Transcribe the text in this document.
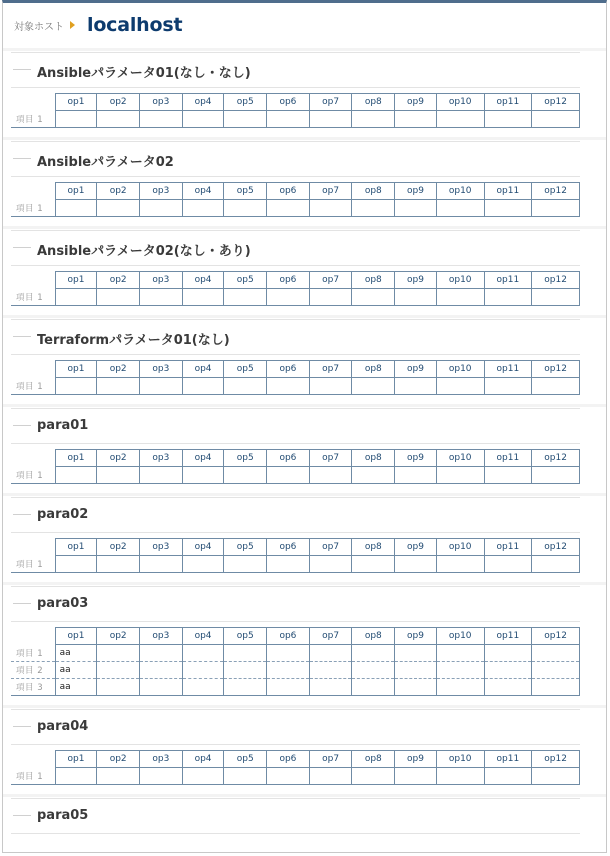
対象ホスト localhost
Ansibleパラメータ01(なし・なし)
	op1	op2	op3	op4	op5	op6	op7	op8	op9	op10	op11	op12
項目 1												
Ansibleパラメータ02
	op1	op2	op3	op4	op5	op6	op7	op8	op9	op10	op11	op12
項目 1												
Ansibleパラメータ02(なし・あり)
	op1	op2	op3	op4	op5	op6	op7	op8	op9	op10	op11	op12
項目 1												
Terraformパラメータ01(なし)
	op1	op2	op3	op4	op5	op6	op7	op8	op9	op10	op11	op12
項目 1												
para01
	op1	op2	op3	op4	op5	op6	op7	op8	op9	op10	op11	op12
項目 1												
para02
	op1	op2	op3	op4	op5	op6	op7	op8	op9	op10	op11	op12
項目 1												
para03
	op1	op2	op3	op4	op5	op6	op7	op8	op9	op10	op11	op12
項目 1	aa											
項目 2	aa											
項目 3	aa											
para04
	op1	op2	op3	op4	op5	op6	op7	op8	op9	op10	op11	op12
項目 1												
para05
